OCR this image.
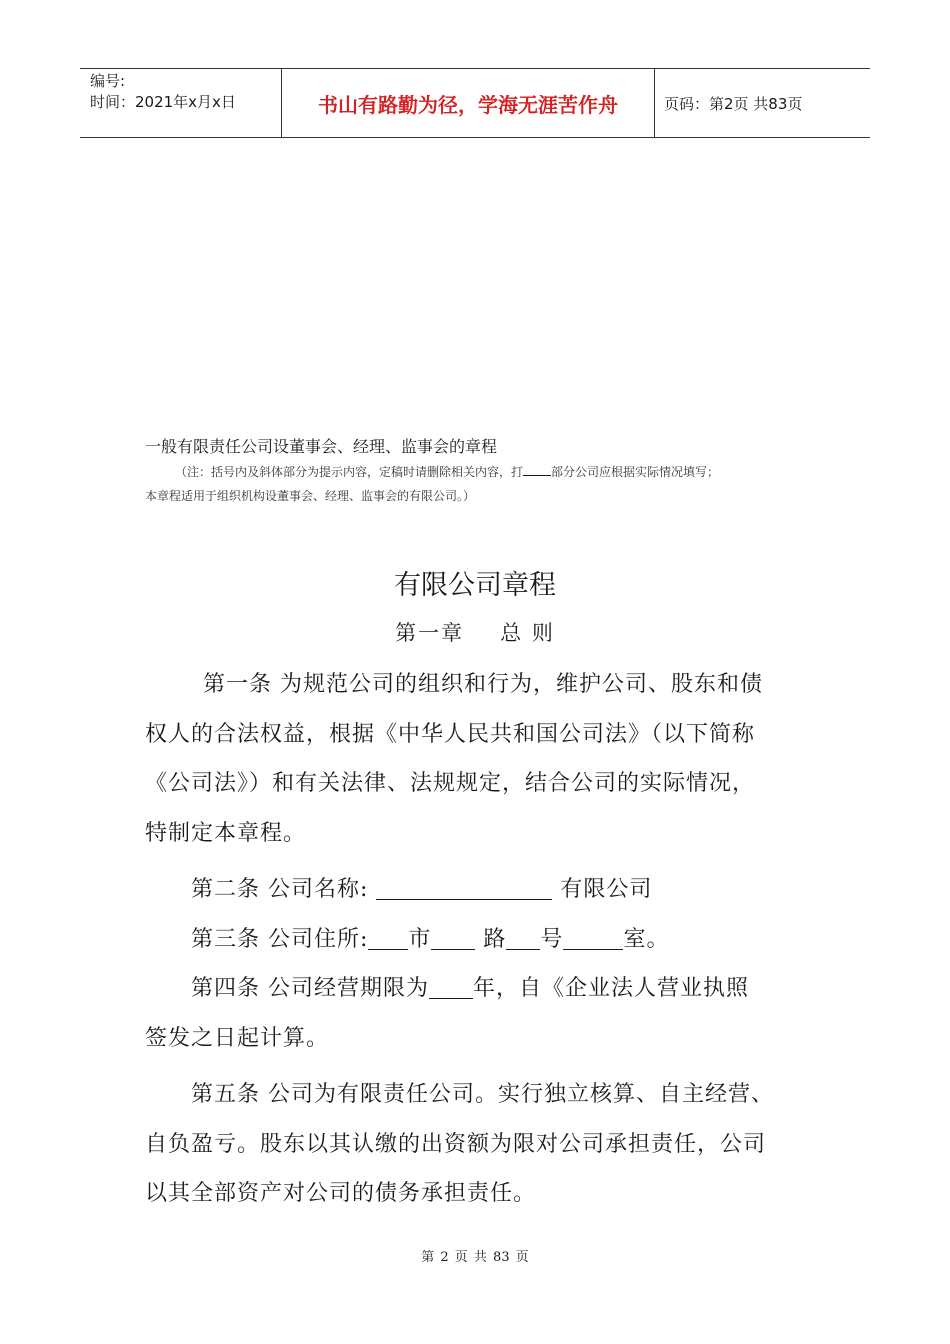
编号:
时间：2021年x月x日	书山有路勤为径，学海无涯苦作舟	页码：第2页 共83页
一般有限责任公司设董事会、经理、监事会的章程
（注：括号内及斜体部分为提示内容，定稿时请删除相关内容，打 部分公司应根据实际情况填写；
本章程适用于组织机构设董事会、经理、监事会的有限公司。）
有限公司章程
第一章 总 则
第一条 为规范公司的组织和行为，维护公司、股东和债
权人的合法权益，根据《中华人民共和国公司法》（以下简称
《公司法》）和有关法律、法规规定，结合公司的实际情况，
特制定本章程。
第二条 公司名称:	有限公司
第三条 公司住所: 市 路 号	室。
第四条 公司经营期限为 年，自《企业法人营业执照
签发之日起计算。
第五条 公司为有限责任公司。实行独立核算、自主经营、
自负盈亏。股东以其认缴的出资额为限对公司承担责任，公司
以其全部资产对公司的债务承担责任。
第 2 页 共 83 页
